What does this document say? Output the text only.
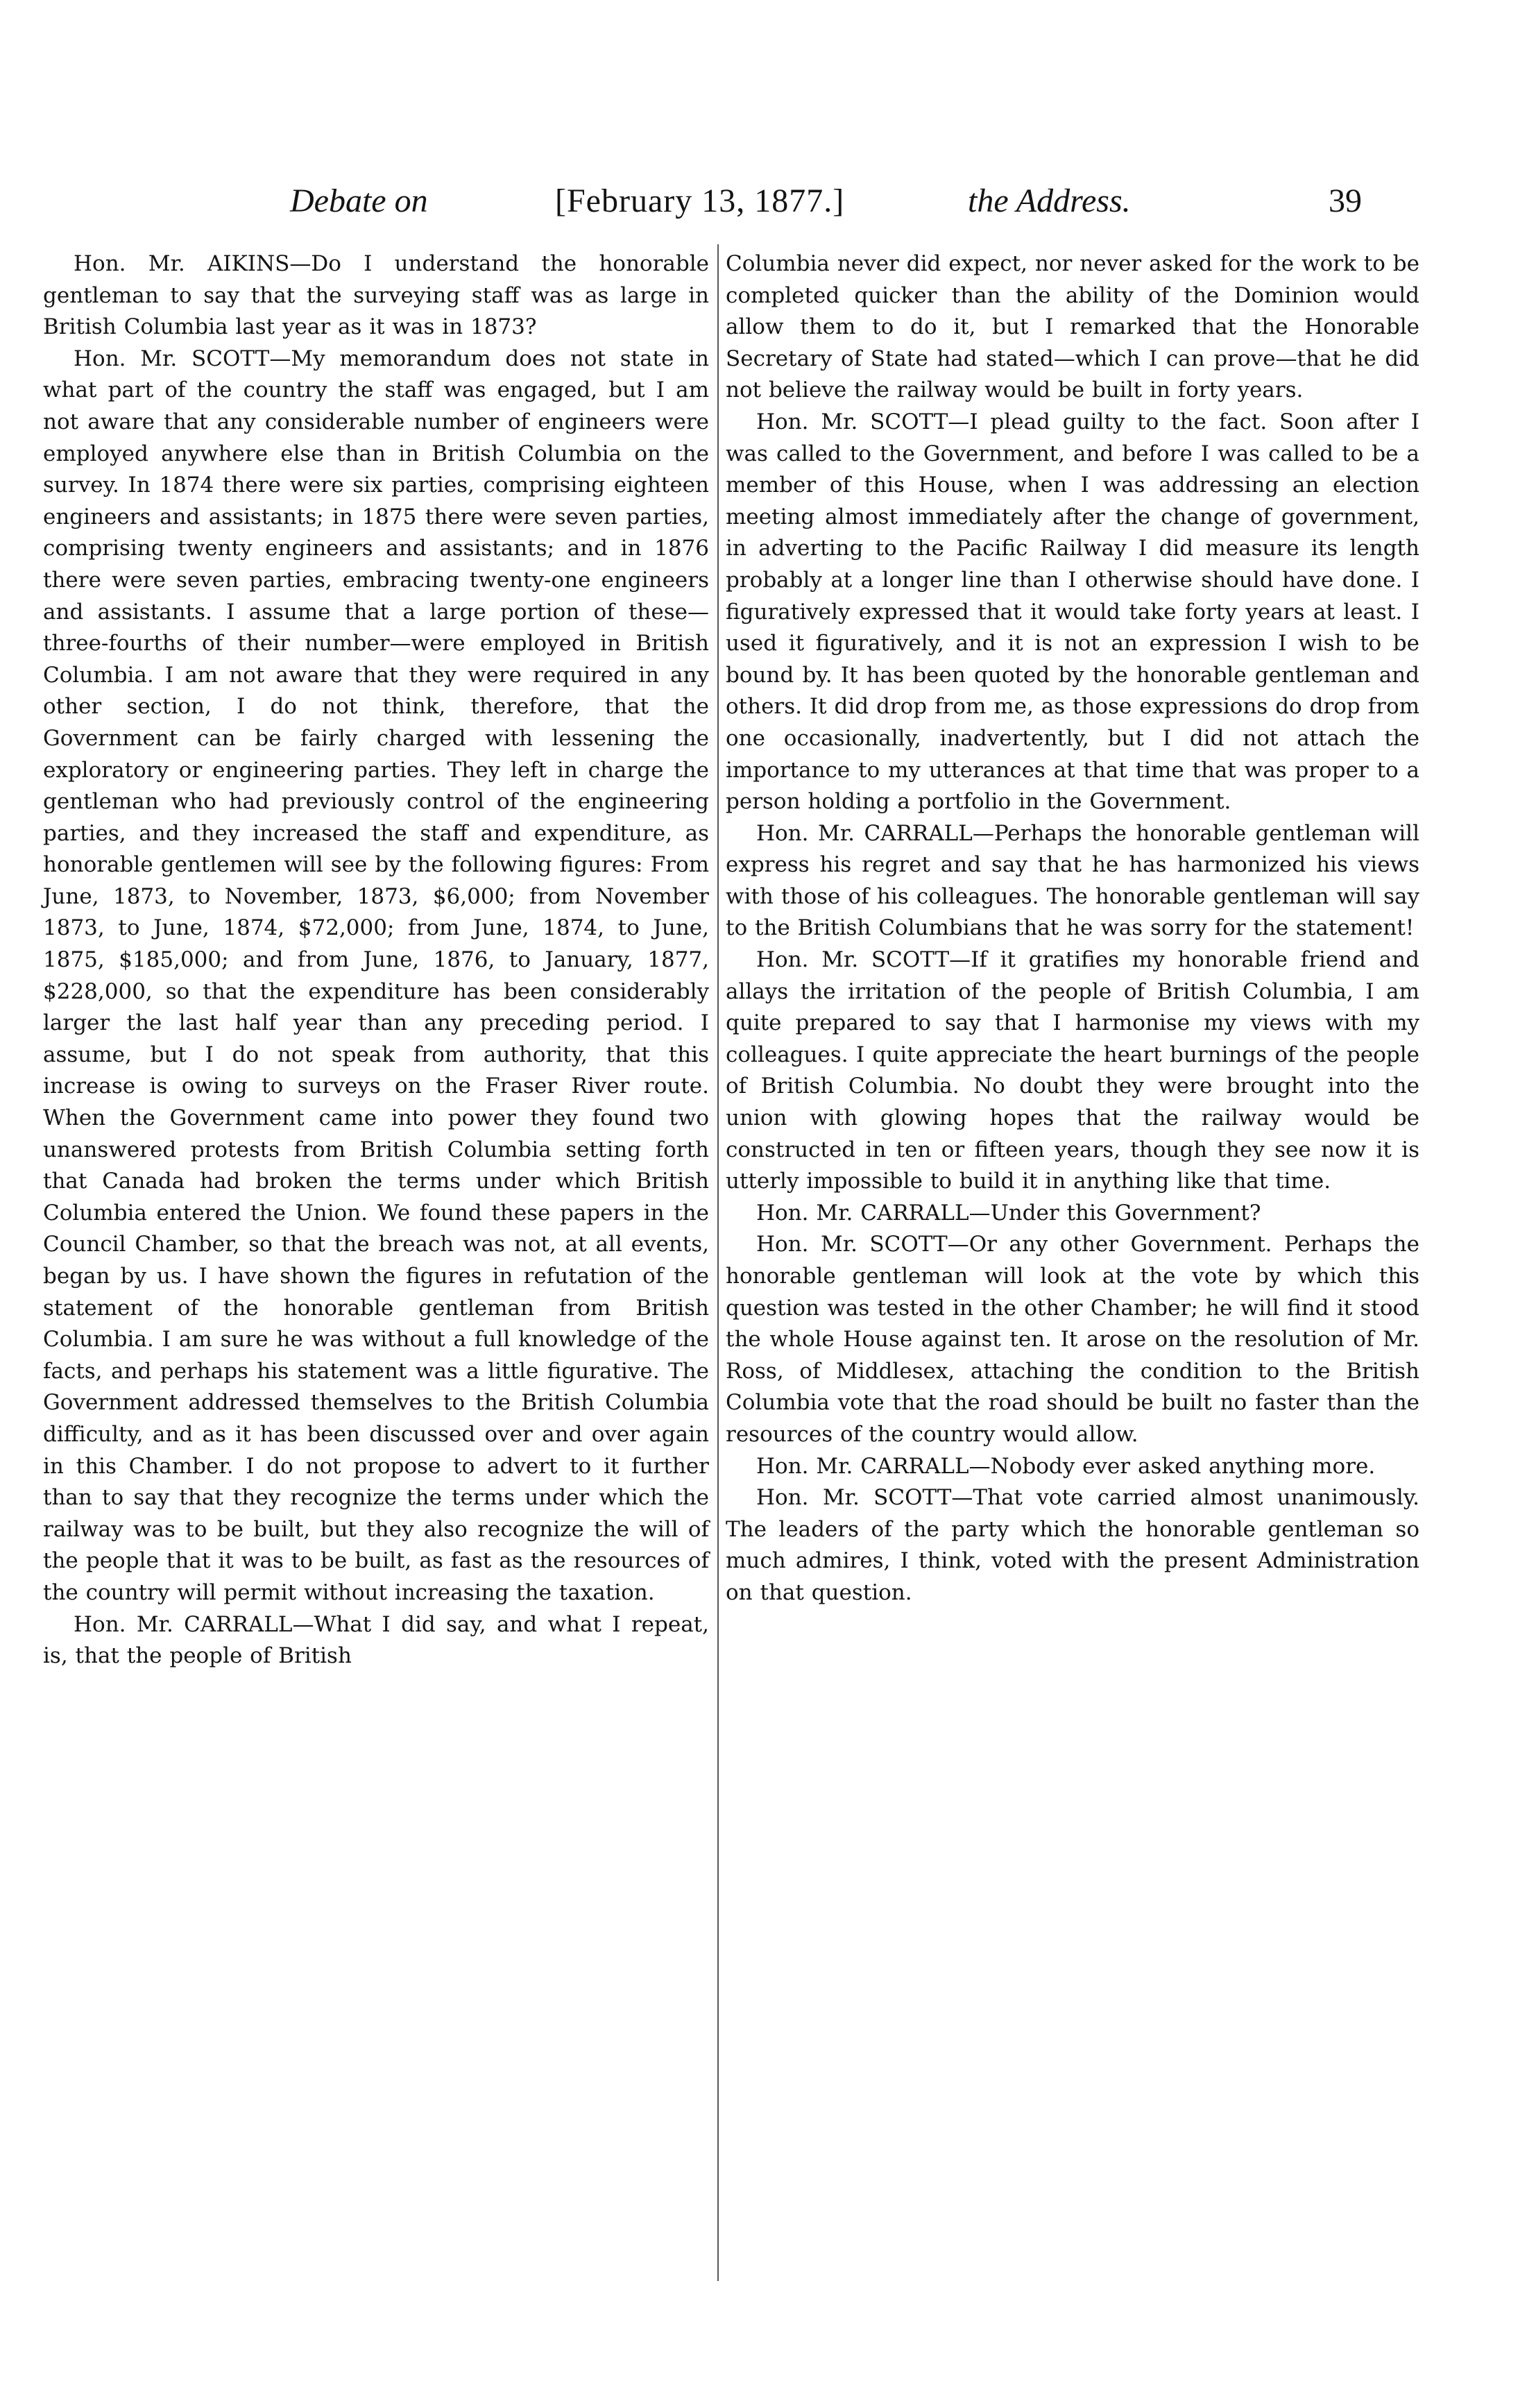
Debate on	[February 13, 1877.]	the Address.	39

Hon. Mr. AIKINS—Do I understand the honorable gentleman to say that the surveying staff was as large in British Columbia last year as it was in 1873?

Hon. Mr. SCOTT—My memorandum does not state in what part of the country the staff was engaged, but I am not aware that any considerable number of engineers were employed anywhere else than in British Columbia on the survey. In 1874 there were six parties, comprising eighteen engineers and assistants; in 1875 there were seven parties, comprising twenty engineers and assistants; and in 1876 there were seven parties, embracing twenty-one engineers and assistants. I assume that a large portion of these—three-fourths of their number—were employed in British Columbia. I am not aware that they were required in any other section, I do not think, therefore, that the Government can be fairly charged with lessening the exploratory or engineering parties. They left in charge the gentleman who had previously control of the engineering parties, and they increased the staff and expenditure, as honorable gentlemen will see by the following figures: From June, 1873, to November, 1873, $6,000; from November 1873, to June, 1874, $72,000; from June, 1874, to June, 1875, $185,000; and from June, 1876, to January, 1877, $228,000, so that the expenditure has been considerably larger the last half year than any preceding period. I assume, but I do not speak from authority, that this increase is owing to surveys on the Fraser River route. When the Government came into power they found two unanswered protests from British Columbia setting forth that Canada had broken the terms under which British Columbia entered the Union. We found these papers in the Council Chamber, so that the breach was not, at all events, began by us. I have shown the figures in refutation of the statement of the honorable gentleman from British Columbia. I am sure he was without a full knowledge of the facts, and perhaps his statement was a little figurative. The Government addressed themselves to the British Columbia difficulty, and as it has been discussed over and over again in this Chamber. I do not propose to advert to it further than to say that they recognize the terms under which the railway was to be built, but they also recognize the will of the people that it was to be built, as fast as the resources of the country will permit without increasing the taxation.

Hon. Mr. CARRALL—What I did say, and what I repeat, is, that the people of British

Columbia never did expect, nor never asked for the work to be completed quicker than the ability of the Dominion would allow them to do it, but I remarked that the Honorable Secretary of State had stated—which I can prove—that he did not believe the railway would be built in forty years.

Hon. Mr. SCOTT—I plead guilty to the fact. Soon after I was called to the Government, and before I was called to be a member of this House, when I was addressing an election meeting almost immediately after the change of government, in adverting to the Pacific Railway I did measure its length probably at a longer line than I otherwise should have done. I figuratively expressed that it would take forty years at least. I used it figuratively, and it is not an expression I wish to be bound by. It has been quoted by the honorable gentleman and others. It did drop from me, as those expressions do drop from one occasionally, inadvertently, but I did not attach the importance to my utterances at that time that was proper to a person holding a portfolio in the Government.

Hon. Mr. CARRALL—Perhaps the honorable gentleman will express his regret and say that he has harmonized his views with those of his colleagues. The honorable gentleman will say to the British Columbians that he was sorry for the statement!

Hon. Mr. SCOTT—If it gratifies my honorable friend and allays the irritation of the people of British Columbia, I am quite prepared to say that I harmonise my views with my colleagues. I quite appreciate the heart burnings of the people of British Columbia. No doubt they were brought into the union with glowing hopes that the railway would be constructed in ten or fifteen years, though they see now it is utterly impossible to build it in anything like that time.

Hon. Mr. CARRALL—Under this Government?

Hon. Mr. SCOTT—Or any other Government. Perhaps the honorable gentleman will look at the vote by which this question was tested in the other Chamber; he will find it stood the whole House against ten. It arose on the resolution of Mr. Ross, of Middlesex, attaching the condition to the British Columbia vote that the road should be built no faster than the resources of the country would allow.

Hon. Mr. CARRALL—Nobody ever asked anything more.

Hon. Mr. SCOTT—That vote carried almost unanimously. The leaders of the party which the honorable gentleman so much admires, I think, voted with the present Administration on that question.
